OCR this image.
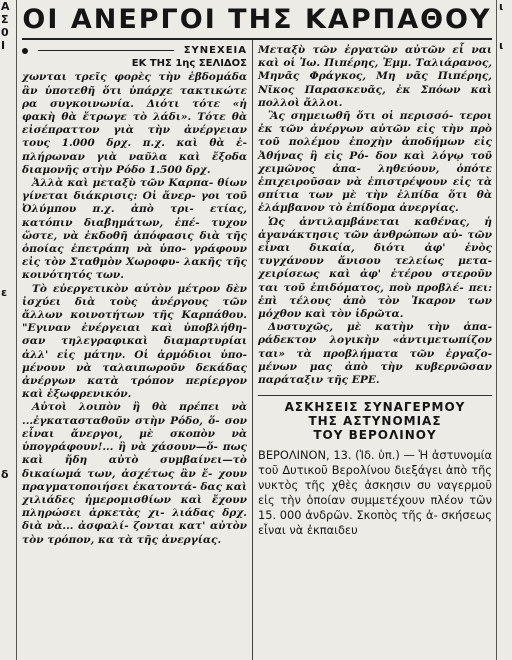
Α
Σ
0
Ι

ε

δ

ι

ι

ΟΙ ΑΝΕΡΓΟΙ ΤΗΣ ΚΑΡΠΑΘΟΥ
ΣΥΝΕΧΕΙΑ
ΕΚ ΤΗΣ 1ης ΣΕΛΙΔΟΣ

χωνται τρεῖς φορὲς τὴν ἑβδομάδα ἂν ὑποτεθῆ ὅτι ὑπάρχε τακτικώτε ρα συγκοινωνία. Διότι τότε «ἡ φακὴ θὰ ἔτρωγε τὸ λάδι». Τότε θὰ εἰσέπραττον γιὰ τὴν ἀνέργειαν τους 1.000 δρχ. π.χ. καὶ θὰ ἐ- πλήρωναν γιὰ ναῦλα καὶ ἔξοδα διαμονῆς στὴν Ρόδο 1.500 δρχ.

Ἀλλὰ καὶ μεταξὺ τῶν Καρπα- θίων γίνεται διάκρισις: Οἱ ἄνερ- γοι τοῦ Ὀλύμπου π.χ. ἀπὸ τρι- ετίας, κατόπιν διαβημάτων, ἐπέ- τυχον ὥστε, νὰ ἐκδοθῆ ἀπόφασις διὰ τῆς ὁποίας ἐπετράπη νὰ ὑπο- γράφουν εἰς τὸν Σταθμὸν Χωροφυ- λακῆς τῆς κοινότητός των.

Τὸ εὐεργετικὸν αὐτὸν μέτρον δὲν ἰσχύει διὰ τοὺς ἀνέργους τῶν ἄλλων κοινοτήτων τῆς Καρπάθου. "Εγιναν ἐνέργειαι καὶ ὑποβλήθη- σαν τηλεγραφικαὶ διαμαρτυρίαι ἀλλ' εἰς μάτην. Οἱ ἁρμόδιοι ὑπο- μένουν νὰ ταλαιπωροῦν δεκάδας ἀνέργων κατὰ τρόπον περίεργον καὶ ἐξωφρενικόν.

Αὐτοὶ λοιπὸν ἢ θὰ πρέπει νὰ ...ἐγκατασταθοῦν στὴν Ρόδο, ὅ- σον εἶναι ἄνεργοι, μὲ σκοπὸν νὰ ὑπογράφουν!... ἢ νὰ χάσουν—ὅ- πως καὶ ἤδη αὐτὸ συμβαίνει—τὸ δικαίωμά των, ἀσχέτως ἂν ἔ- χουν πραγματοποιήσει ἑκατοντά- δας καὶ χιλιάδες ἡμερομισθίων καὶ ἔχουν πληρώσει ἀρκετὰς χι- λιάδας δρχ. διὰ νὰ... ἀσφαλί- ζονται κατ' αὐτὸν τὸν τρόπον, κα τὰ τῆς ἀνεργίας.

Μεταξὺ τῶν ἐργατῶν αὐτῶν εἶ ναι καὶ οἱ Ἰω. Πιπέρης, Ἐμμ. Ταλιάρανος, Μηνᾶς Φράγκος, Μη νᾶς Πιπέρης, Νῖκος Παρασκευᾶς, ἐκ Σπόων καὶ πολλοὶ ἄλλοι.

Ἂς σημειωθῆ ὅτι οἱ περισσό- τεροι ἐκ τῶν ἀνέργων αὐτῶν εἰς τὴν πρὸ τοῦ πολέμου ἐποχὴν ἀποδήμων εἰς Ἀθήνας ἢ εἰς Ρό- δον καὶ λόγῳ τοῦ χειμῶνος ἀπα- ληθεύουν, ὁπότε ἐπιχειροῦσαν νὰ ἐπιστρέψουν εἰς τὰ σπίτια των μὲ τὴν ἐλπίδα ὅτι θὰ ἐλάμβανον τὸ ἐπίδομα ἀνεργίας.

Ὡς ἀντιλαμβάνεται καθένας, ἡ ἀγανάκτησις τῶν ἀνθρώπων αὐ- τῶν εἶναι δικαία, διότι ἀφ' ἑνὸς τυγχάνουν ἄνισου τελείως μετα- χειρίσεως καὶ ἀφ' ἑτέρου στεροῦν ται τοῦ ἐπιδόματος, ποὺ προβλέ- πει: ἐπὶ τέλους ἀπὸ τὸν Ἰκαρον των μόχθον καὶ τὸν ἱδρῶτα.

Δυστυχῶς, μὲ κατὴν τὴν ἀπα- ράδεκτον λογικὴν «ἀντιμετωπίζον ται» τὰ προβλήματα τῶν ἐργαζο- μένων μας ἀπὸ τὴν κυβερνῶσαν παράταξιν τῆς ΕΡΕ.

ΑΣΚΗΣΕΙΣ ΣΥΝΑΓΕΡΜΟΥ
ΤΗΣ ΑΣΤΥΝΟΜΙΑΣ
ΤΟΥ ΒΕΡΟΛΙΝΟΥ
ΒΕΡΟΛΙΝΟΝ, 13. (Ἰδ. ὑπ.) — Ἡ ἀστυνομία τοῦ Δυτικοῦ Βερολίνου διεξάγει ἀπὸ τῆς νυκτὸς τῆς χθὲς ἀσκησιν συ ναγερμοῦ εἰς τὴν ὁποίαν συμμετέχουν πλέον τῶν 15. 000 ἀνδρῶν. Σκοπὸς τῆς ἀ- σκήσεως εἶναι νὰ ἐκπαιδευ
